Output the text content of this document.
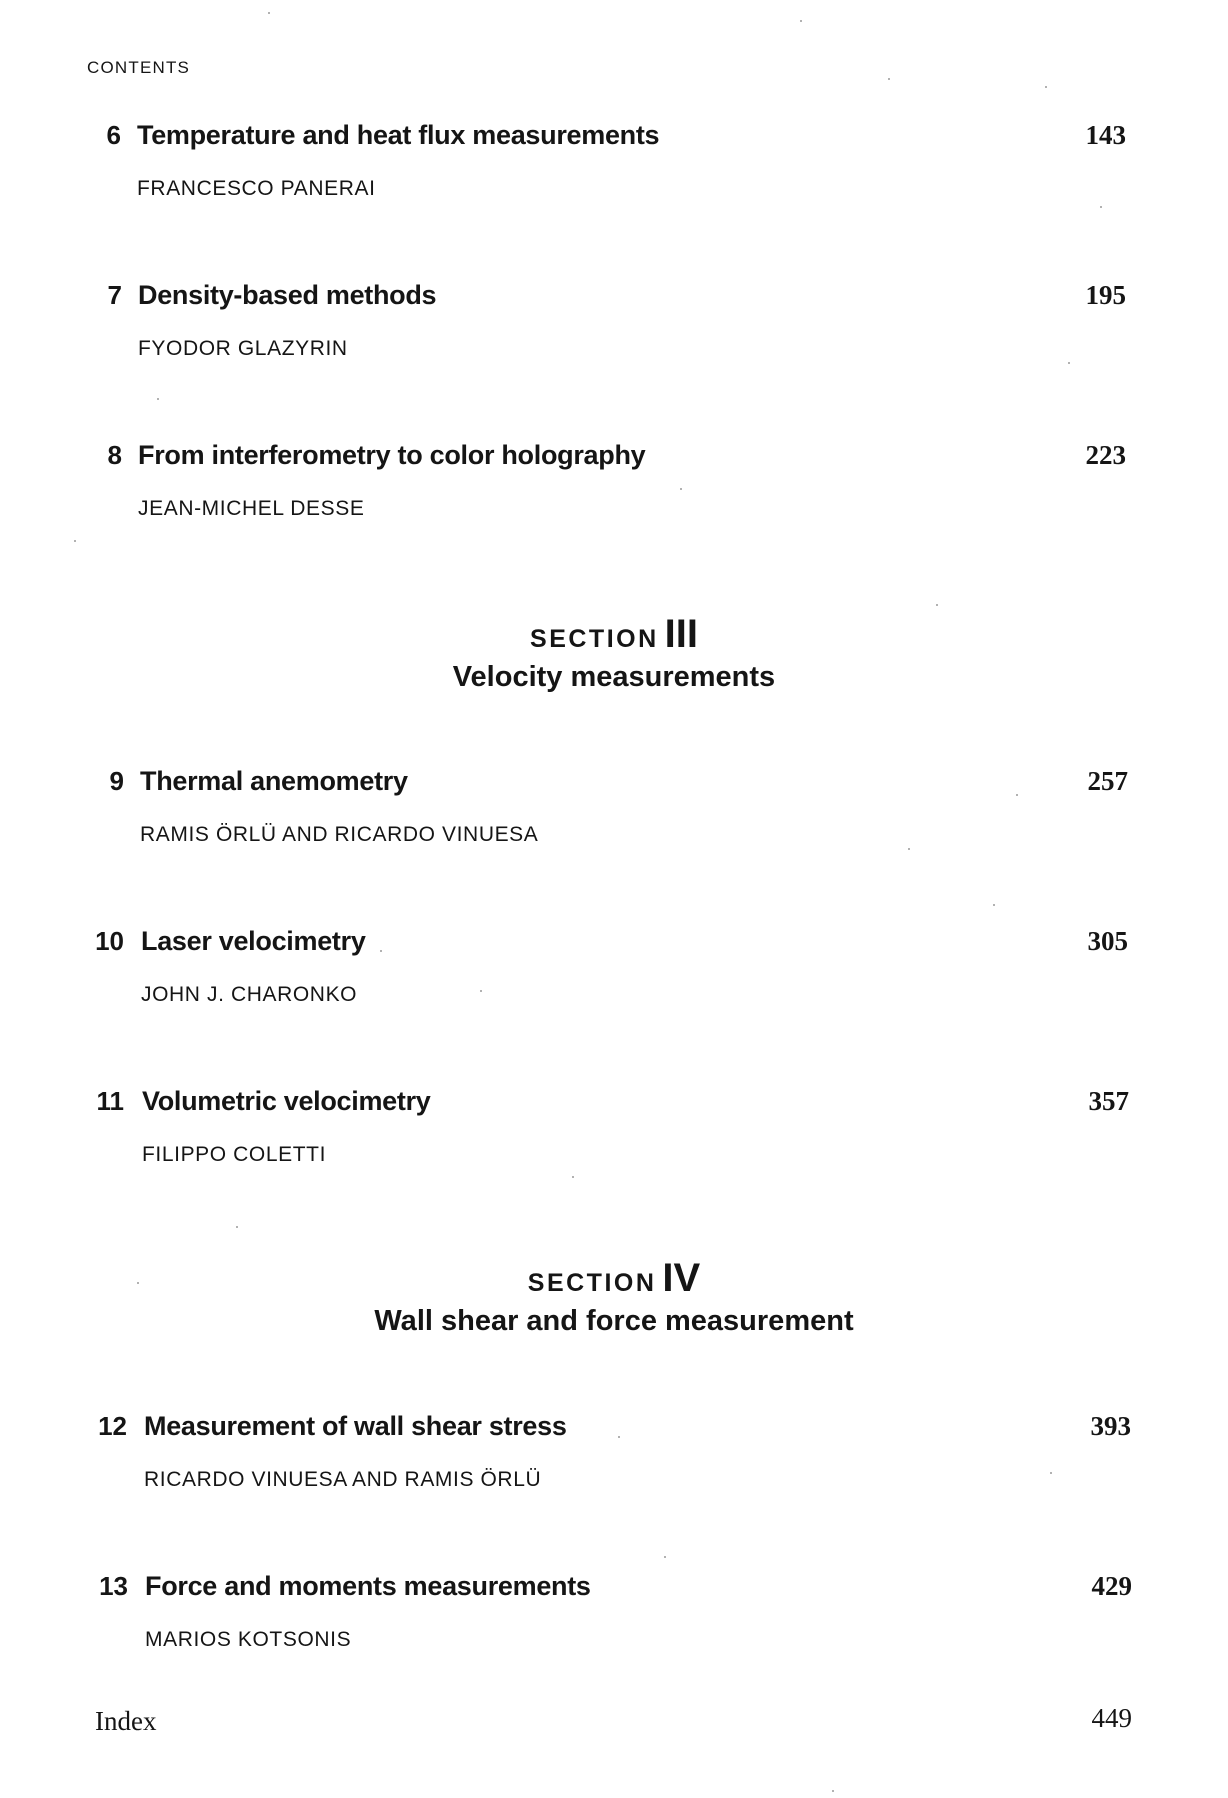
CONTENTS
6 Temperature and heat flux measurements	143
FRANCESCO PANERAI
7 Density-based methods	195
FYODOR GLAZYRIN
8 From interferometry to color holography	223
JEAN-MICHEL DESSE
SECTION III
Velocity measurements
9 Thermal anemometry	257
RAMIS ÖRLÜ AND RICARDO VINUESA
10 Laser velocimetry	305
JOHN J. CHARONKO
11 Volumetric velocimetry	357
FILIPPO COLETTI
SECTION IV
Wall shear and force measurement
12 Measurement of wall shear stress	393
RICARDO VINUESA AND RAMIS ÖRLÜ
13 Force and moments measurements	429
MARIOS KOTSONIS
Index	449
